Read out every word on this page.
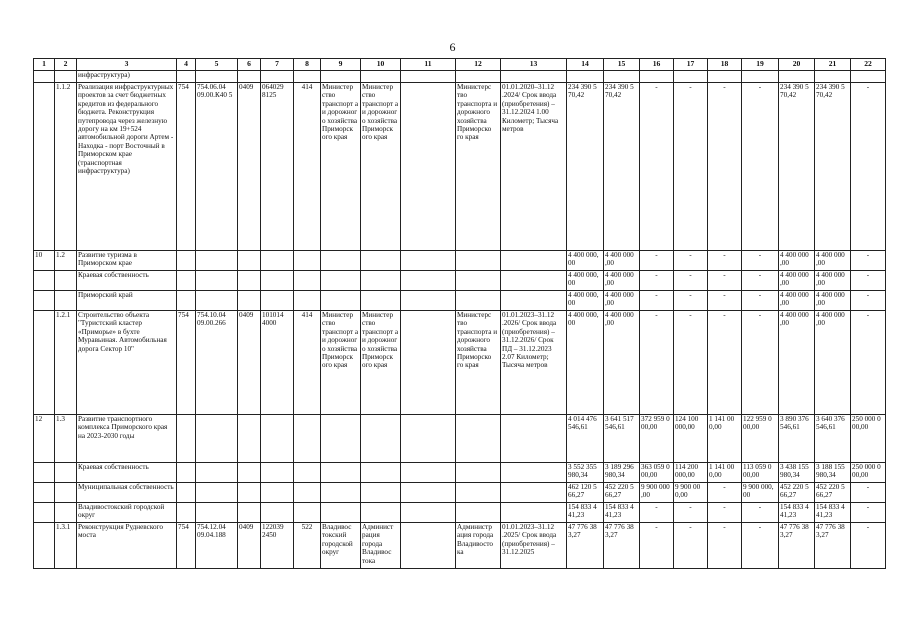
6
1	2	3	4	5	6	7	8	9	10	11	12	13	14	15	16	17	18	19	20	21	22
		инфраструктура)																			
	1.1.2	Реализация инфраструктурных проектов за счет бюджетных кредитов из федерального бюджета. Реконструкция путепровода через железную дорогу на км 19+524 автомобильной дороги Артем - Находка - порт Восточный в Приморском крае (транспортная инфраструктура)	754	754.06.04 09.00.К40 5	0409	064029 8125	414	Министер ство транспорт а и дорожног о хозяйства Приморск ого края	Министер ство транспорт а и дорожног о хозяйства Приморск ого края		Министерс тво транспорта и дорожного хозяйства Приморско го края	01.01.2020–31.12 .2024/ Срок ввода (приобретения) – 31.12.2024 1.00 Километр; Тысяча метров	234 390 5 70,42	234 390 5 70,42	-	-	-	-	234 390 5 70,42	234 390 5 70,42	-
10	1.2	Развитие туризма в Приморском крае											4 400 000, 00	4 400 000 ,00	-	-	-	-	4 400 000 ,00	4 400 000 ,00	-
		Краевая собственность											4 400 000, 00	4 400 000 ,00	-	-	-	-	4 400 000 ,00	4 400 000 ,00	-
		Приморский край											4 400 000, 00	4 400 000 ,00	-	-	-	-	4 400 000 ,00	4 400 000 ,00	-
	1.2.1	Строительство объекта "Туристский кластер «Приморье» в бухте Муравьиная. Автомобильная дорога Сектор 10"	754	754.10.04 09.00.266	0409	101014 4000	414	Министер ство транспорт а и дорожног о хозяйства Приморск ого края	Министер ство транспорт а и дорожног о хозяйства Приморск ого края		Министерс тво транспорта и дорожного хозяйства Приморско го края	01.01.2023–31.12 .2026/ Срок ввода (приобретения) – 31.12.2026/ Срок ПД – 31.12.2023 2.07 Километр; Тысяча метров	4 400 000, 00	4 400 000 ,00	-	-	-	-	4 400 000 ,00	4 400 000 ,00	-
12	1.3	Развитие транспортного комплекса Приморского края на 2023-2030 годы											4 014 476 546,61	3 641 517 546,61	372 959 0 00,00	124 100 000,00	1 141 00 0,00	122 959 0 00,00	3 890 376 546,61	3 640 376 546,61	250 000 0 00,00
		Краевая собственность											3 552 355 980,34	3 189 296 980,34	363 059 0 00,00	114 200 000,00	1 141 00 0,00	113 059 0 00,00	3 438 155 980,34	3 188 155 980,34	250 000 0 00,00
		Муниципальная собственность											462 120 5 66,27	452 220 5 66,27	9 900 000 ,00	9 900 00 0,00	-	9 900 000, 00	452 220 5 66,27	452 220 5 66,27	-
		Владивостокский городской округ											154 833 4 41,23	154 833 4 41,23	-	-	-	-	154 833 4 41,23	154 833 4 41,23	-
	1.3.1	Реконструкция Рудневского моста	754	754.12.04 09.04.188	0409	122039 2450	522	Владивос токский городской округ	Админист рация города Владивос тока		Администр ация города Владивосто ка	01.01.2023–31.12 .2025/ Срок ввода (приобретения) – 31.12.2025	47 776 38 3,27	47 776 38 3,27	-	-	-	-	47 776 38 3,27	47 776 38 3,27	-
